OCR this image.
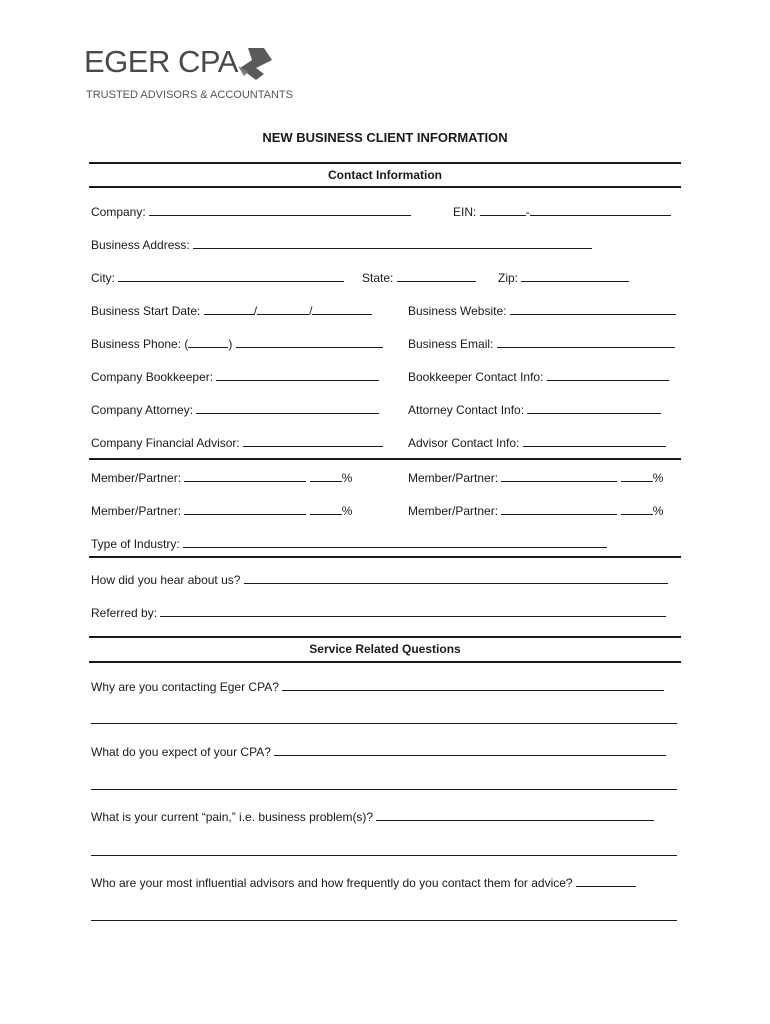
EGER CPA
TRUSTED ADVISORS & ACCOUNTANTS
NEW BUSINESS CLIENT INFORMATION
Contact Information
Company:	EIN:	-
Business Address:
City:	State:	Zip:
Business Start Date:	/	/	Business Website:
Business Phone: (	)	Business Email:
Company Bookkeeper:	Bookkeeper Contact Info:
Company Attorney:	Attorney Contact Info:
Company Financial Advisor:	Advisor Contact Info:
Member/Partner:	%	Member/Partner:	%
Member/Partner:	%	Member/Partner:	%
Type of Industry:
How did you hear about us?
Referred by:
Service Related Questions
Why are you contacting Eger CPA?
What do you expect of your CPA?
What is your current “pain,” i.e. business problem(s)?
Who are your most influential advisors and how frequently do you contact them for advice?
